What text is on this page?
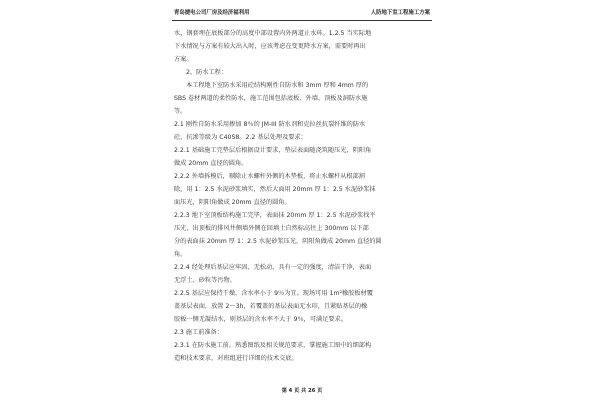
青岛捷电公司厂房及经济福利用	人防地下室工程施工方案

水，钢套埋在底板部分的高度中部设置内外两道止水环。1.2.5 当实际地

下水情况与方案有较大出入时，应该考虑在变更降水方案，需要时再出

方案。

2、防水工程：

本工程地下室防水采用砼结构刚性自防水和 3mm 厚和 4mm 厚的

SBS 卷材两道的柔性防水，施工范围包括底板、外墙、顶板及洞防水施

等。

2.1 刚性自防水采用掺加 8％的 JM-III 防水剂和克拉丝抗裂纤维的防水

砼，抗渗等级为 C40S8。2.2 基层处理及要求：

2.2.1 基础施工完垫层后根据设计要求，垫层表面随浇筑随压光，阴阳角

做成 20mm 直径的圆角。

2.2.2 外墙拆模后，剔除止水螺杆外侧的木垫板，将止水螺杆从根部割

除，用 1：2.5 水泥砂浆填实，然后大面用 20mm 厚 1：2.5 水泥砂浆抹

面压光，阴阳角做成 20mm 直径的圆角。

2.2.3 地下室顶板结构施工完毕，表面抹 20mm 厚 1：2.5 水泥砂浆找平

压光，出顶板的排风井侧墙外侧在回填土自然标高往上 300mm 以下部

分的表面抹 20mm 厚 1：2.5 水泥砂浆压光，阴阳角做成 20mm 直径的圆

角。

2.2.4 经处理后基层应牢固、无松动，具有一定的强度，清洁干净，表面

无浮土、砂粒等污物。

2.2.5 基层应保持干燥，含水率小于 9％为宜。现场可用 1m²橡胶板材覆

盖基层表面，放置 2～3h，若覆盖的基层表面无水印，且紧贴基层的橡

胶板一侧无凝结水，则基层的含水率不大于 9％，可满足要求。

2.3 施工前准备：

2.3.1 在防水施工前，熟悉图纸及相关规范要求，掌握施工图中的细部构

造和技术要求，对班组进行详细的技术交底。

第 4 页 共 26 页
